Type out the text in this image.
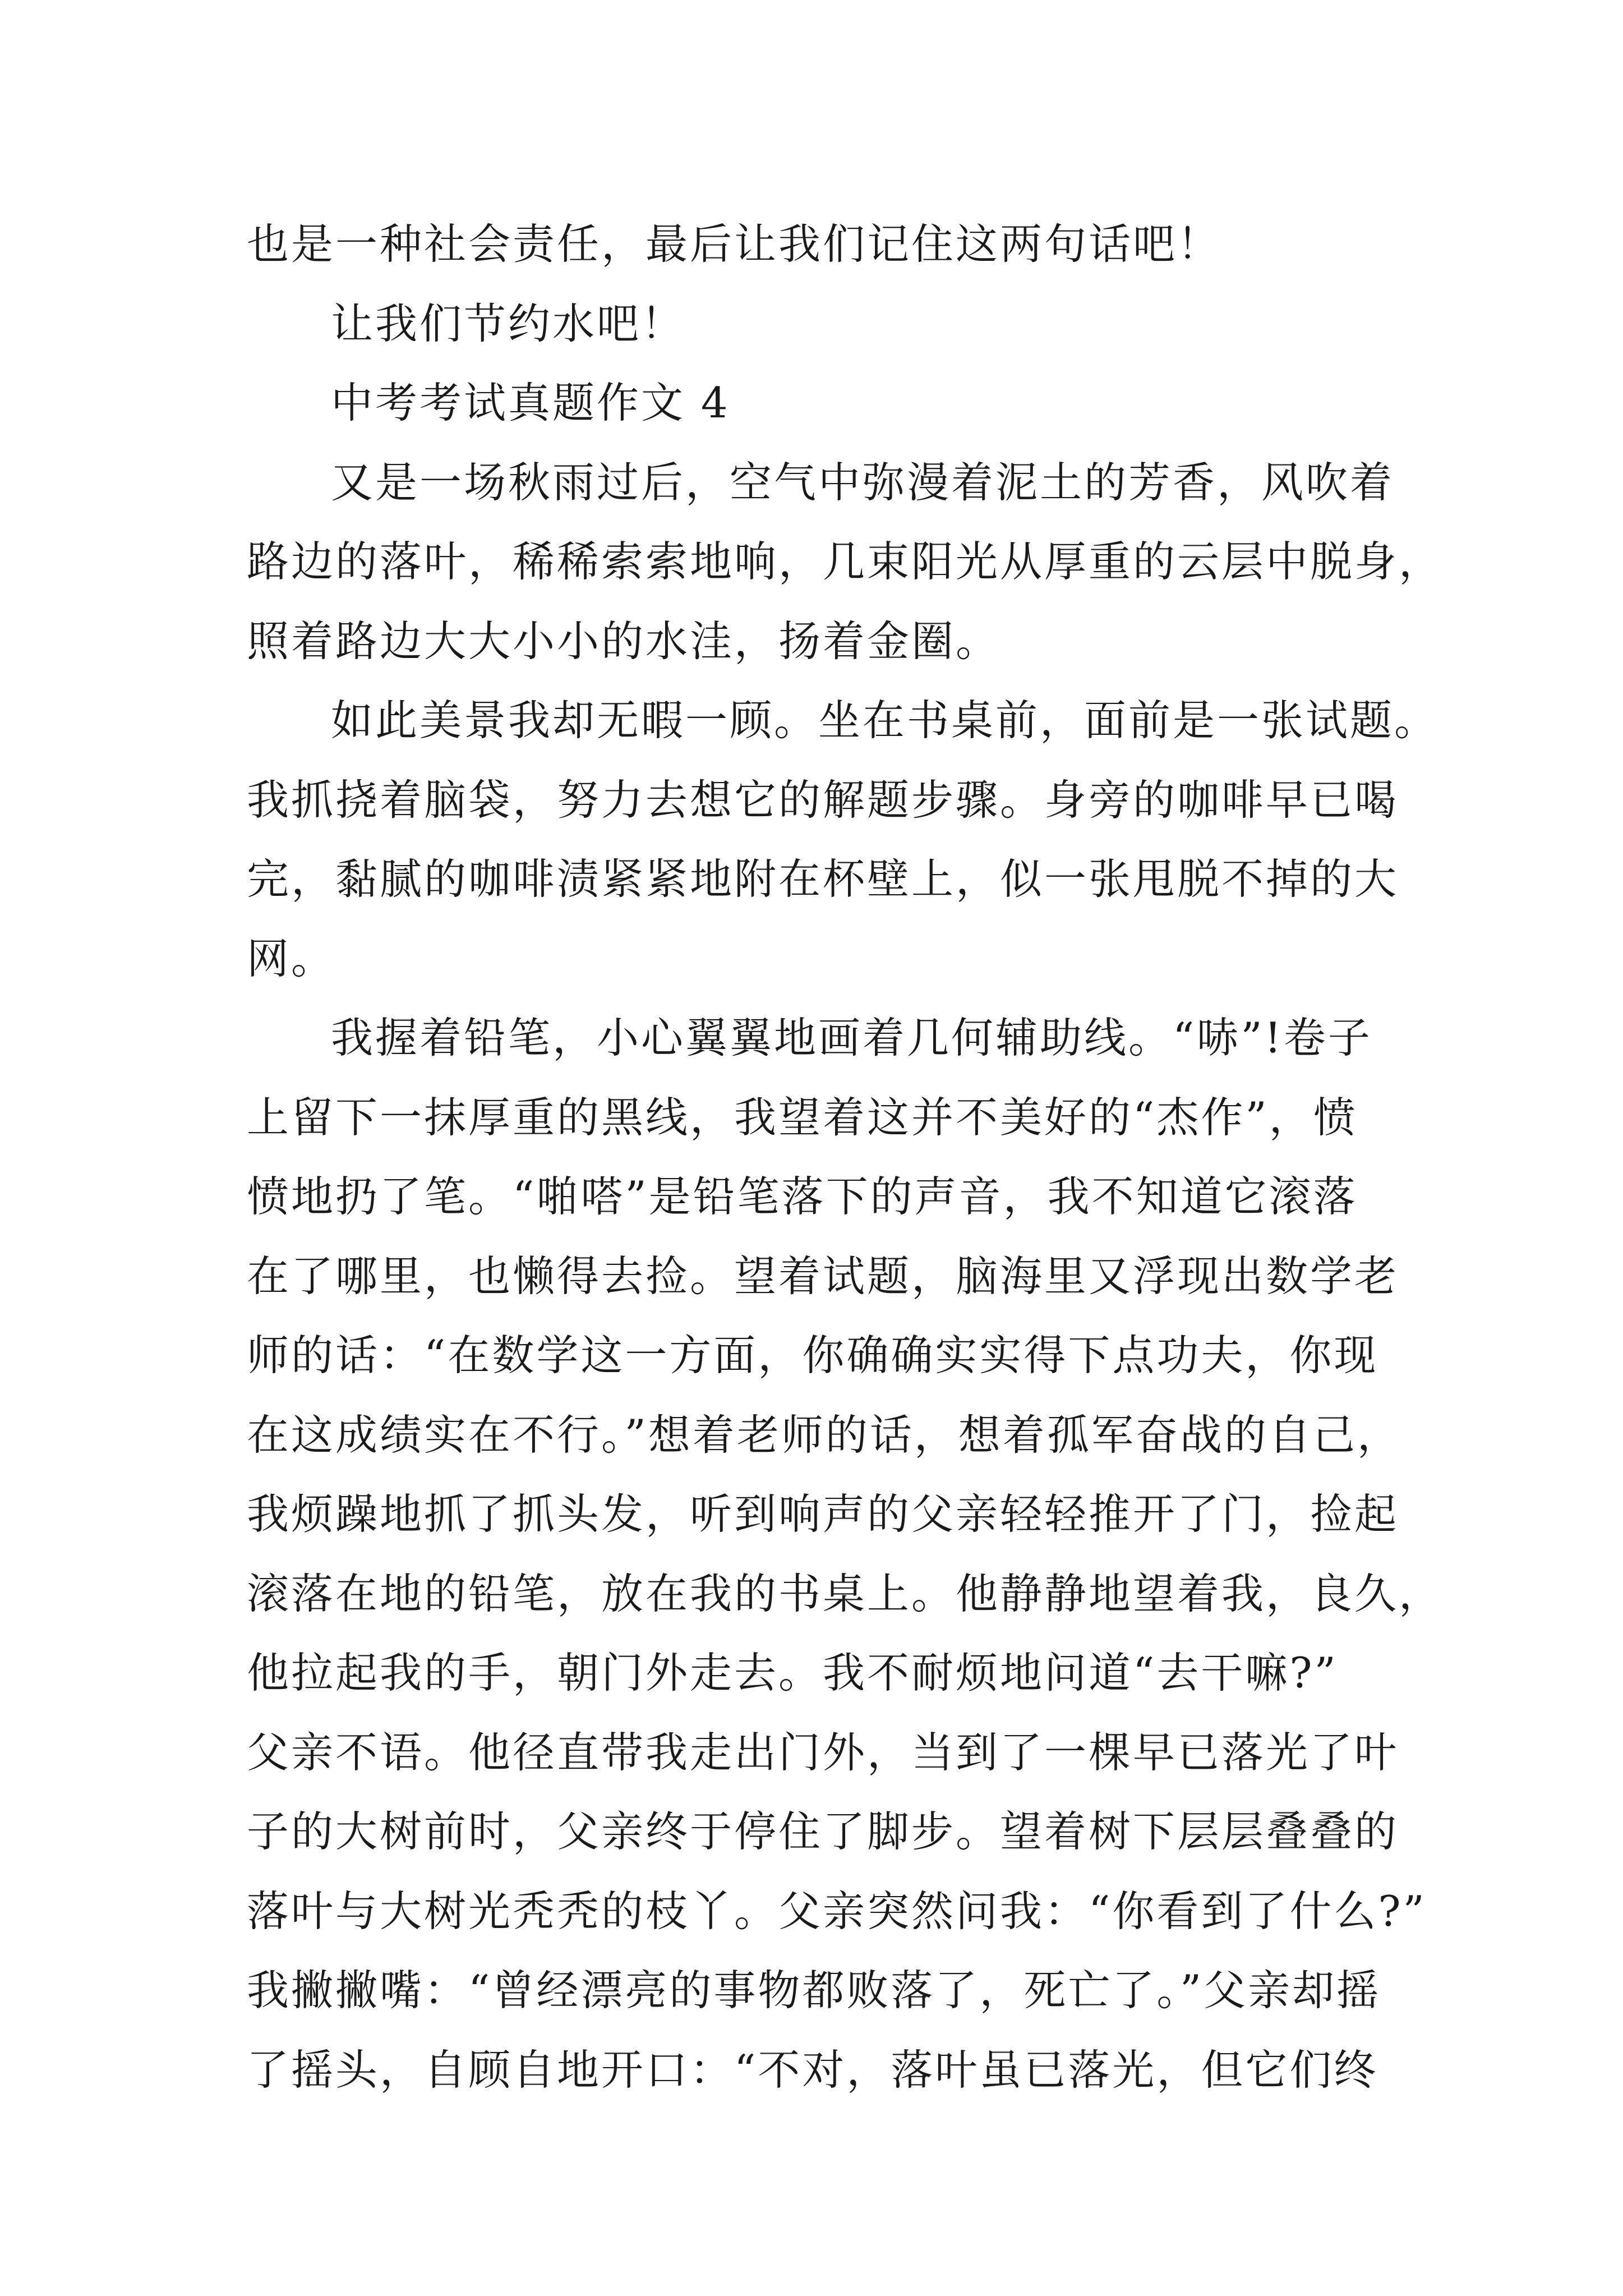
也是一种社会责任，最后让我们记住这两句话吧！
让我们节约水吧！
中考考试真题作文 4
又是一场秋雨过后，空气中弥漫着泥土的芳香，风吹着
路边的落叶，稀稀索索地响，几束阳光从厚重的云层中脱身，
照着路边大大小小的水洼，扬着金圈。
如此美景我却无暇一顾。坐在书桌前，面前是一张试题。
我抓挠着脑袋，努力去想它的解题步骤。身旁的咖啡早已喝
完，黏腻的咖啡渍紧紧地附在杯壁上，似一张甩脱不掉的大
网。
我握着铅笔，小心翼翼地画着几何辅助线。“哧”!卷子
上留下一抹厚重的黑线，我望着这并不美好的“杰作”，愤
愤地扔了笔。“啪嗒”是铅笔落下的声音，我不知道它滚落
在了哪里，也懒得去捡。望着试题，脑海里又浮现出数学老
师的话：“在数学这一方面，你确确实实得下点功夫，你现
在这成绩实在不行。”想着老师的话，想着孤军奋战的自己，
我烦躁地抓了抓头发，听到响声的父亲轻轻推开了门，捡起
滚落在地的铅笔，放在我的书桌上。他静静地望着我，良久，
他拉起我的手，朝门外走去。我不耐烦地问道“去干嘛?”
父亲不语。他径直带我走出门外，当到了一棵早已落光了叶
子的大树前时，父亲终于停住了脚步。望着树下层层叠叠的
落叶与大树光秃秃的枝丫。父亲突然问我：“你看到了什么?”
我撇撇嘴：“曾经漂亮的事物都败落了，死亡了。”父亲却摇
了摇头，自顾自地开口：“不对，落叶虽已落光，但它们终
